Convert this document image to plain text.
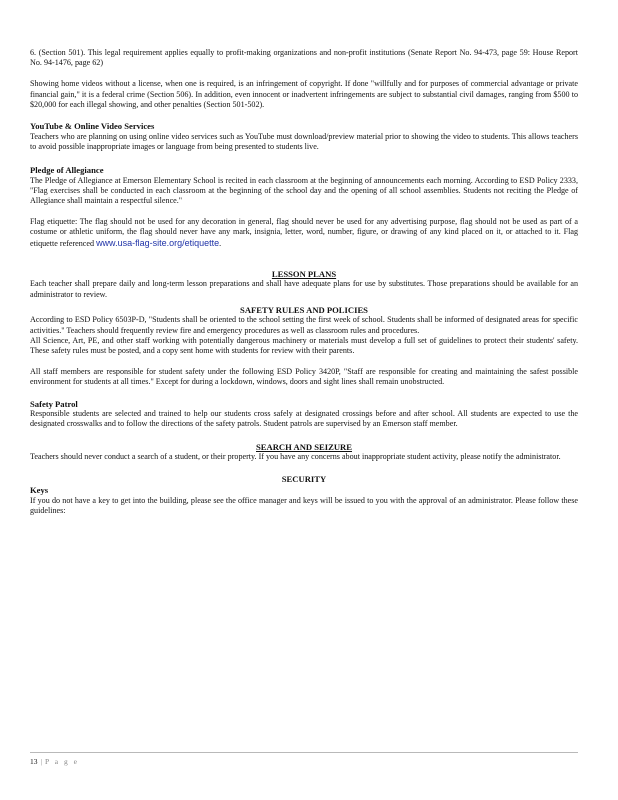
6. (Section 501). This legal requirement applies equally to profit-making organizations and non-profit institutions (Senate Report No. 94-473, page 59: House Report No. 94-1476, page 62)

Showing home videos without a license, when one is required, is an infringement of copyright. If done "willfully and for purposes of commercial advantage or private financial gain," it is a federal crime (Section 506). In addition, even innocent or inadvertent infringements are subject to substantial civil damages, ranging from $500 to $20,000 for each illegal showing, and other penalties (Section 501-502).

YouTube & Online Video Services

Teachers who are planning on using online video services such as YouTube must download/preview material prior to showing the video to students. This allows teachers to avoid possible inappropriate images or language from being presented to students live.

Pledge of Allegiance

The Pledge of Allegiance at Emerson Elementary School is recited in each classroom at the beginning of announcements each morning. According to ESD Policy 2333, "Flag exercises shall be conducted in each classroom at the beginning of the school day and the opening of all school assemblies. Students not reciting the Pledge of Allegiance shall maintain a respectful silence."

Flag etiquette: The flag should not be used for any decoration in general, flag should never be used for any advertising purpose, flag should not be used as part of a costume or athletic uniform, the flag should never have any mark, insignia, letter, word, number, figure, or drawing of any kind placed on it, or attached to it. Flag etiquette referenced www.usa-flag-site.org/etiquette.

LESSON PLANS

Each teacher shall prepare daily and long-term lesson preparations and shall have adequate plans for use by substitutes. Those preparations should be available for an administrator to review.

SAFETY RULES AND POLICIES

According to ESD Policy 6503P-D, "Students shall be oriented to the school setting the first week of school. Students shall be informed of designated areas for specific activities." Teachers should frequently review fire and emergency procedures as well as classroom rules and procedures.

All Science, Art, PE, and other staff working with potentially dangerous machinery or materials must develop a full set of guidelines to protect their students' safety. These safety rules must be posted, and a copy sent home with students for review with their parents.

All staff members are responsible for student safety under the following ESD Policy 3420P, "Staff are responsible for creating and maintaining the safest possible environment for students at all times." Except for during a lockdown, windows, doors and sight lines shall remain unobstructed.

Safety Patrol

Responsible students are selected and trained to help our students cross safely at designated crossings before and after school. All students are expected to use the designated crosswalks and to follow the directions of the safety patrols. Student patrols are supervised by an Emerson staff member.

SEARCH AND SEIZURE

Teachers should never conduct a search of a student, or their property. If you have any concerns about inappropriate student activity, please notify the administrator.

SECURITY

Keys

If you do not have a key to get into the building, please see the office manager and keys will be issued to you with the approval of an administrator. Please follow these guidelines:

13 | P a g e
